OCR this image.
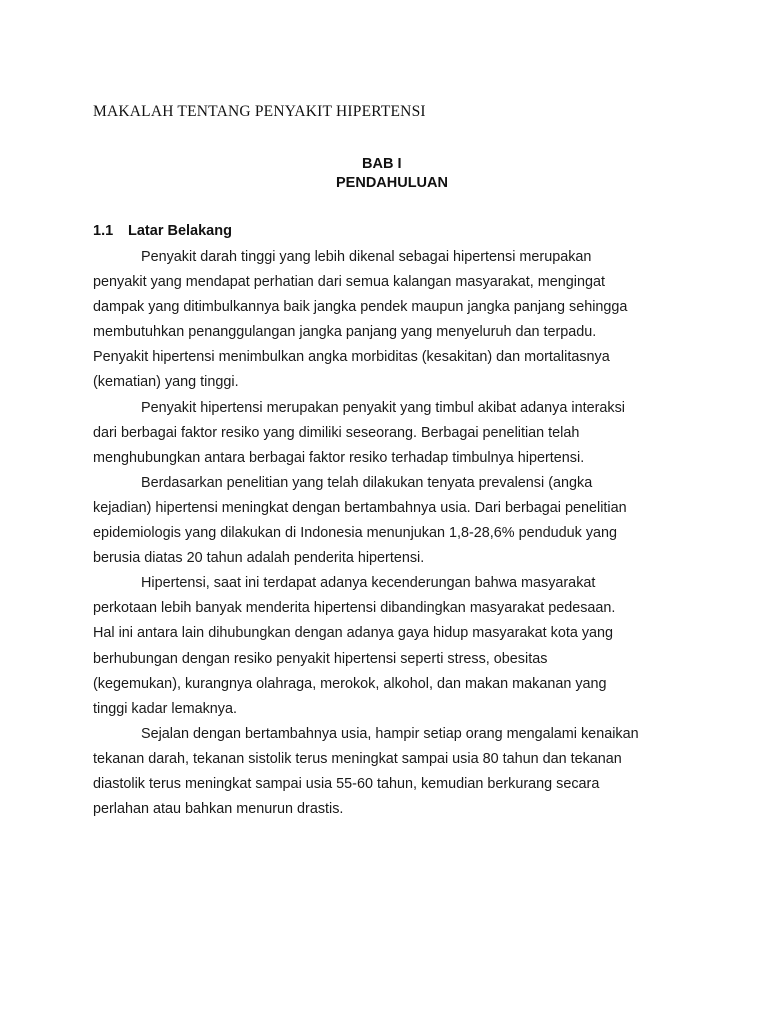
MAKALAH TENTANG PENYAKIT HIPERTENSI
BAB I
PENDAHULUAN
1.1 Latar Belakang
Penyakit darah tinggi yang lebih dikenal sebagai hipertensi merupakan
penyakit yang mendapat perhatian dari semua kalangan masyarakat, mengingat
dampak yang ditimbulkannya baik jangka pendek maupun jangka panjang sehingga
membutuhkan penanggulangan jangka panjang yang menyeluruh dan terpadu.
Penyakit hipertensi menimbulkan angka morbiditas (kesakitan) dan mortalitasnya
(kematian) yang tinggi.
Penyakit hipertensi merupakan penyakit yang timbul akibat adanya interaksi
dari berbagai faktor resiko yang dimiliki seseorang. Berbagai penelitian telah
menghubungkan antara berbagai faktor resiko terhadap timbulnya hipertensi.
Berdasarkan penelitian yang telah dilakukan tenyata prevalensi (angka
kejadian) hipertensi meningkat dengan bertambahnya usia. Dari berbagai penelitian
epidemiologis yang dilakukan di Indonesia menunjukan 1,8-28,6% penduduk yang
berusia diatas 20 tahun adalah penderita hipertensi.
Hipertensi, saat ini terdapat adanya kecenderungan bahwa masyarakat
perkotaan lebih banyak menderita hipertensi dibandingkan masyarakat pedesaan.
Hal ini antara lain dihubungkan dengan adanya gaya hidup masyarakat kota yang
berhubungan dengan resiko penyakit hipertensi seperti stress, obesitas
(kegemukan), kurangnya olahraga, merokok, alkohol, dan makan makanan yang
tinggi kadar lemaknya.
Sejalan dengan bertambahnya usia, hampir setiap orang mengalami kenaikan
tekanan darah, tekanan sistolik terus meningkat sampai usia 80 tahun dan tekanan
diastolik terus meningkat sampai usia 55-60 tahun, kemudian berkurang secara
perlahan atau bahkan menurun drastis.
